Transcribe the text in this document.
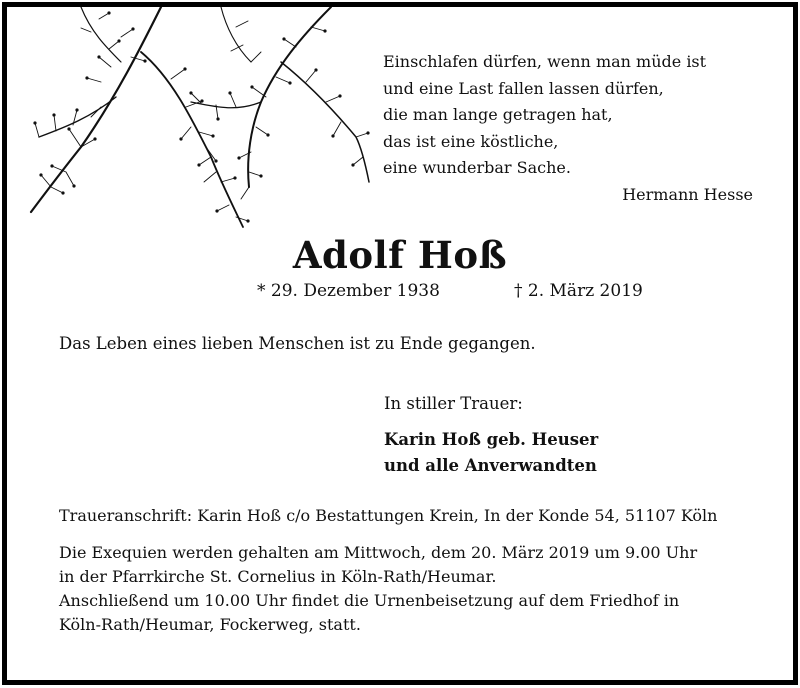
Einschlafen dürfen, wenn man müde ist
und eine Last fallen lassen dürfen,
die man lange getragen hat,
das ist eine köstliche,
eine wunderbar Sache.
Hermann Hesse
Adolf Hoß
* 29. Dezember 1938	† 2. März 2019
Das Leben eines lieben Menschen ist zu Ende gegangen.
In stiller Trauer:
Karin Hoß geb. Heuser
und alle Anverwandten
Traueranschrift: Karin Hoß c/o Bestattungen Krein, In der Konde 54, 51107 Köln
Die Exequien werden gehalten am Mittwoch, dem 20. März 2019 um 9.00 Uhr
in der Pfarrkirche St. Cornelius in Köln-Rath/Heumar.
Anschließend um 10.00 Uhr findet die Urnenbeisetzung auf dem Friedhof in
Köln-Rath/Heumar, Fockerweg, statt.
